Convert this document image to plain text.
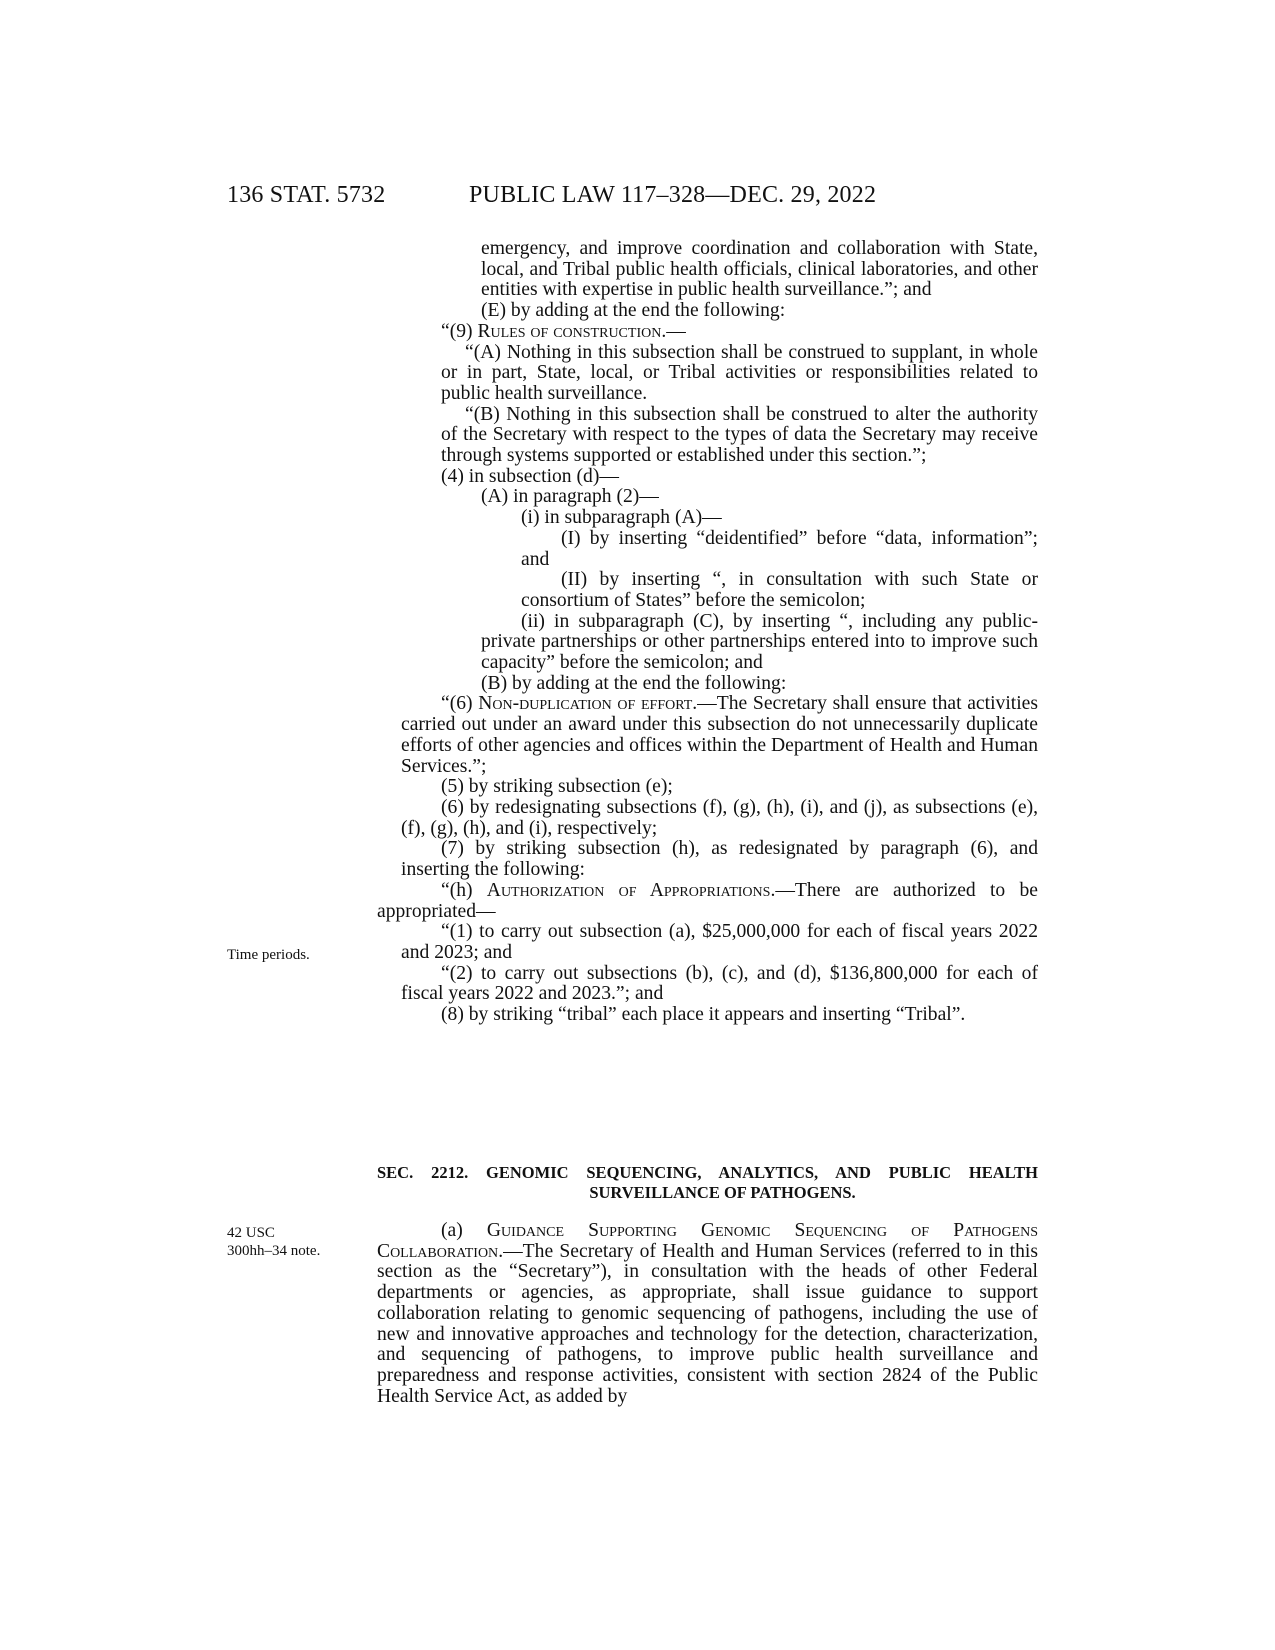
136 STAT. 5732	PUBLIC LAW 117–328—DEC. 29, 2022

emergency, and improve coordination and collaboration with State, local, and Tribal public health officials, clinical laboratories, and other entities with expertise in public health surveillance.”; and

(E) by adding at the end the following:

“(9) Rules of construction.—

“(A) Nothing in this subsection shall be construed to supplant, in whole or in part, State, local, or Tribal activities or responsibilities related to public health surveillance.

“(B) Nothing in this subsection shall be construed to alter the authority of the Secretary with respect to the types of data the Secretary may receive through systems supported or established under this section.”;

(4) in subsection (d)—

(A) in paragraph (2)—

(i) in subparagraph (A)—

(I) by inserting “deidentified” before “data, information”; and

(II) by inserting “, in consultation with such State or consortium of States” before the semicolon;

(ii) in subparagraph (C), by inserting “, including any public-private partnerships or other partnerships entered into to improve such capacity” before the semicolon; and

(B) by adding at the end the following:

“(6) Non-duplication of effort.—The Secretary shall ensure that activities carried out under an award under this subsection do not unnecessarily duplicate efforts of other agencies and offices within the Department of Health and Human Services.”;

(5) by striking subsection (e);

(6) by redesignating subsections (f), (g), (h), (i), and (j), as subsections (e), (f), (g), (h), and (i), respectively;

(7) by striking subsection (h), as redesignated by paragraph (6), and inserting the following:

“(h) Authorization of Appropriations.—There are authorized to be appropriated—

“(1) to carry out subsection (a), $25,000,000 for each of fiscal years 2022 and 2023; and

“(2) to carry out subsections (b), (c), and (d), $136,800,000 for each of fiscal years 2022 and 2023.”; and

(8) by striking “tribal” each place it appears and inserting “Tribal”.

SEC. 2212. GENOMIC SEQUENCING, ANALYTICS, AND PUBLIC HEALTH
SURVEILLANCE OF PATHOGENS.

(a) Guidance Supporting Genomic Sequencing of Pathogens Collaboration.—The Secretary of Health and Human Services (referred to in this section as the “Secretary”), in consultation with the heads of other Federal departments or agencies, as appropriate, shall issue guidance to support collaboration relating to genomic sequencing of pathogens, including the use of new and innovative approaches and technology for the detection, characterization, and sequencing of pathogens, to improve public health surveillance and preparedness and response activities, consistent with section 2824 of the Public Health Service Act, as added by

Time periods.
42 USC
300hh–34 note.
